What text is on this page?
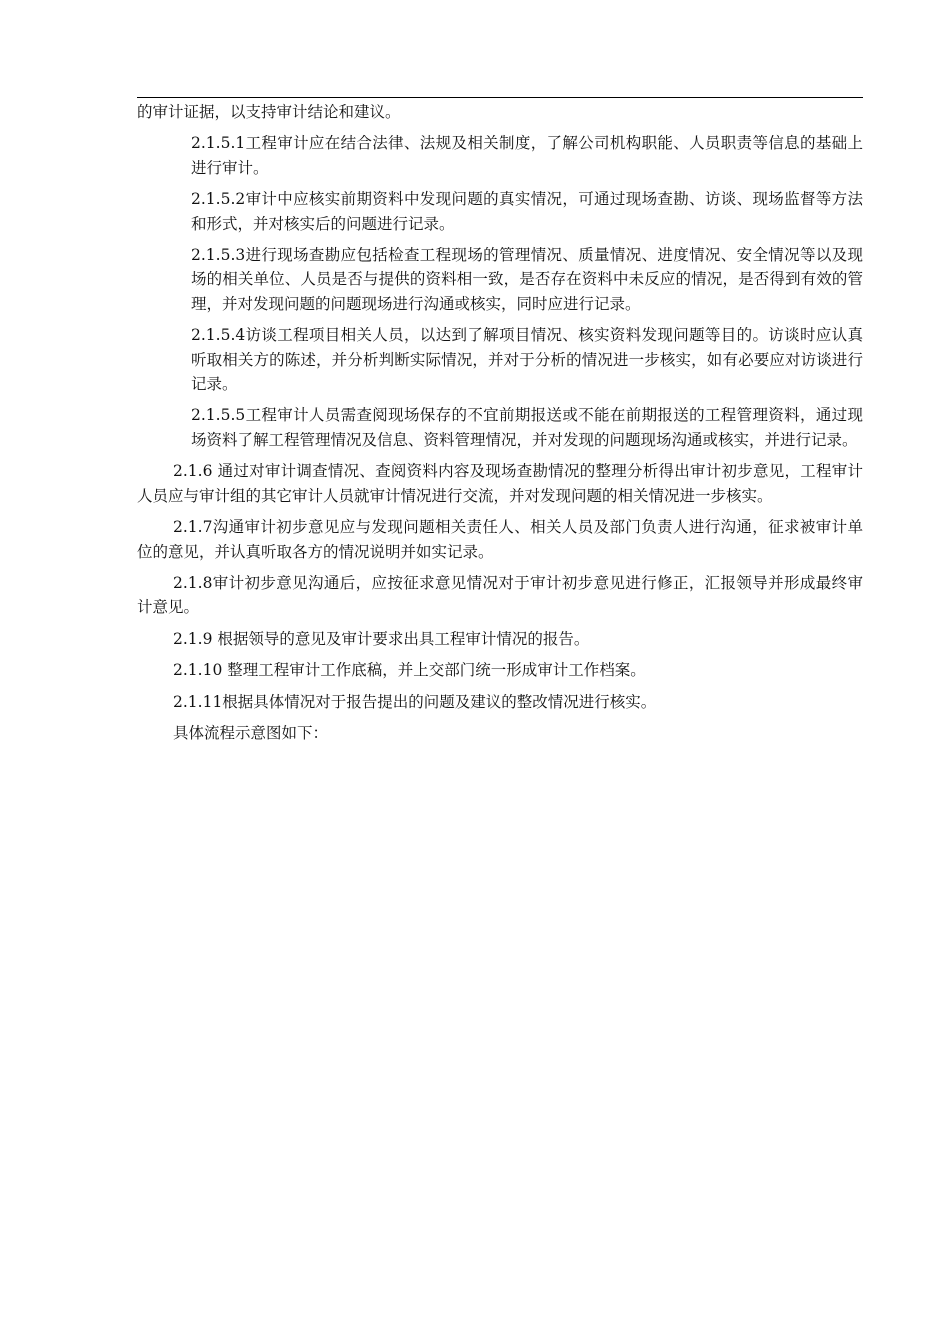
的审计证据，以支持审计结论和建议。

2.1.5.1工程审计应在结合法律、法规及相关制度，了解公司机构职能、人员职责等信息的基础上进行审计。

2.1.5.2审计中应核实前期资料中发现问题的真实情况，可通过现场查勘、访谈、现场监督等方法和形式，并对核实后的问题进行记录。

2.1.5.3进行现场查勘应包括检查工程现场的管理情况、质量情况、进度情况、安全情况等以及现场的相关单位、人员是否与提供的资料相一致，是否存在资料中未反应的情况，是否得到有效的管理，并对发现问题的问题现场进行沟通或核实，同时应进行记录。

2.1.5.4访谈工程项目相关人员，以达到了解项目情况、核实资料发现问题等目的。访谈时应认真听取相关方的陈述，并分析判断实际情况，并对于分析的情况进一步核实，如有必要应对访谈进行记录。

2.1.5.5工程审计人员需查阅现场保存的不宜前期报送或不能在前期报送的工程管理资料，通过现场资料了解工程管理情况及信息、资料管理情况，并对发现的问题现场沟通或核实，并进行记录。

2.1.6 通过对审计调查情况、查阅资料内容及现场查勘情况的整理分析得出审计初步意见，工程审计人员应与审计组的其它审计人员就审计情况进行交流，并对发现问题的相关情况进一步核实。

2.1.7沟通审计初步意见应与发现问题相关责任人、相关人员及部门负责人进行沟通，征求被审计单位的意见，并认真听取各方的情况说明并如实记录。

2.1.8审计初步意见沟通后，应按征求意见情况对于审计初步意见进行修正，汇报领导并形成最终审计意见。

2.1.9 根据领导的意见及审计要求出具工程审计情况的报告。

2.1.10 整理工程审计工作底稿，并上交部门统一形成审计工作档案。

2.1.11根据具体情况对于报告提出的问题及建议的整改情况进行核实。

具体流程示意图如下：
